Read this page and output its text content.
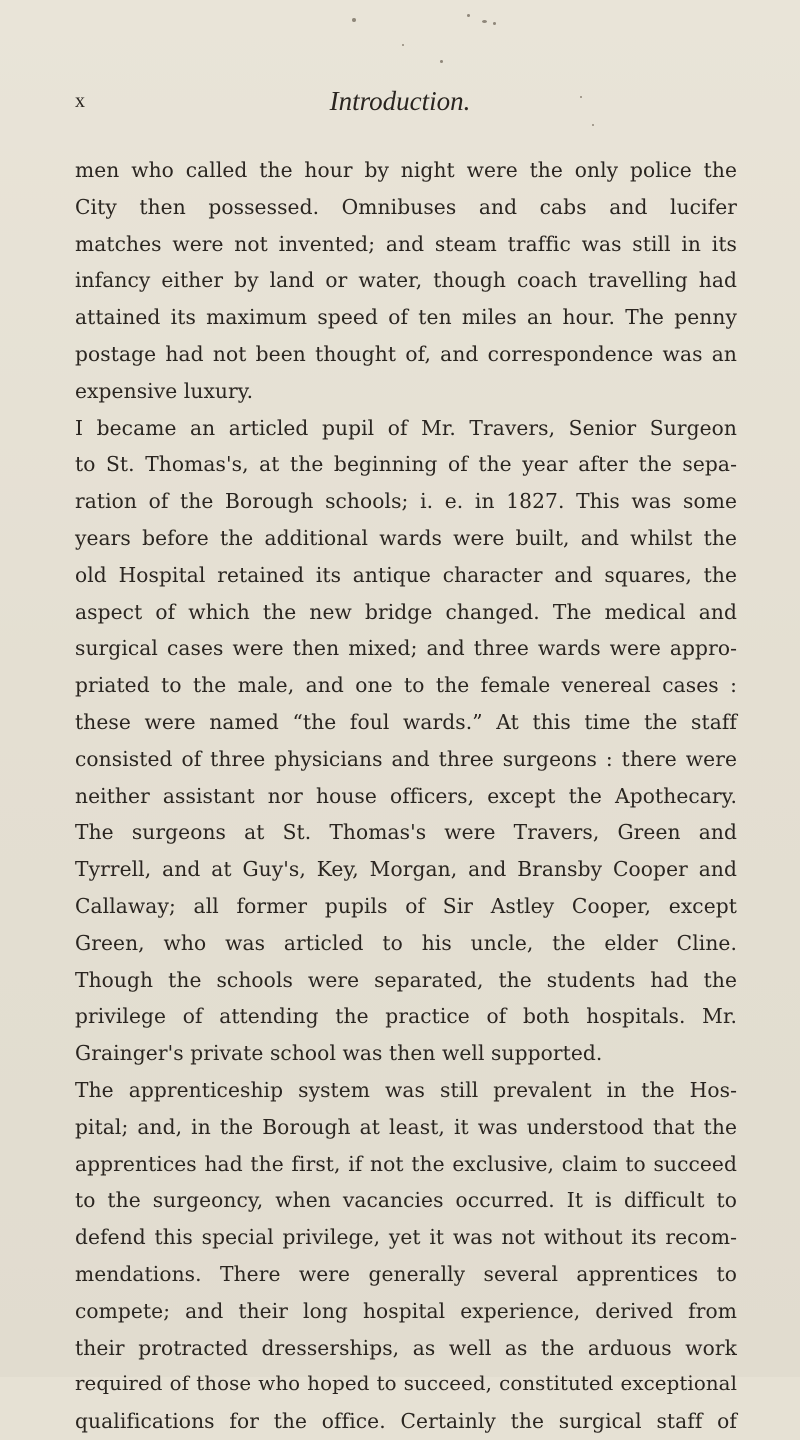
x	Introduction.
men who called the hour by night were the only police the
City then possessed. Omnibuses and cabs and lucifer
matches were not invented; and steam traffic was still in its
infancy either by land or water, though coach travelling had
attained its maximum speed of ten miles an hour. The penny
postage had not been thought of, and correspondence was an
expensive luxury.
I became an articled pupil of Mr. Travers, Senior Surgeon
to St. Thomas's, at the beginning of the year after the sepa-
ration of the Borough schools; i. e. in 1827. This was some
years before the additional wards were built, and whilst the
old Hospital retained its antique character and squares, the
aspect of which the new bridge changed. The medical and
surgical cases were then mixed; and three wards were appro-
priated to the male, and one to the female venereal cases :
these were named “the foul wards.” At this time the staff
consisted of three physicians and three surgeons : there were
neither assistant nor house officers, except the Apothecary.
The surgeons at St. Thomas's were Travers, Green and
Tyrrell, and at Guy's, Key, Morgan, and Bransby Cooper and
Callaway; all former pupils of Sir Astley Cooper, except
Green, who was articled to his uncle, the elder Cline.
Though the schools were separated, the students had the
privilege of attending the practice of both hospitals. Mr.
Grainger's private school was then well supported.
The apprenticeship system was still prevalent in the Hos-
pital; and, in the Borough at least, it was understood that the
apprentices had the first, if not the exclusive, claim to succeed
to the surgeoncy, when vacancies occurred. It is difficult to
defend this special privilege, yet it was not without its recom-
mendations. There were generally several apprentices to
compete; and their long hospital experience, derived from
their protracted dresserships, as well as the arduous work
required of those who hoped to succeed, constituted exceptional
qualifications for the office. Certainly the surgical staff of
